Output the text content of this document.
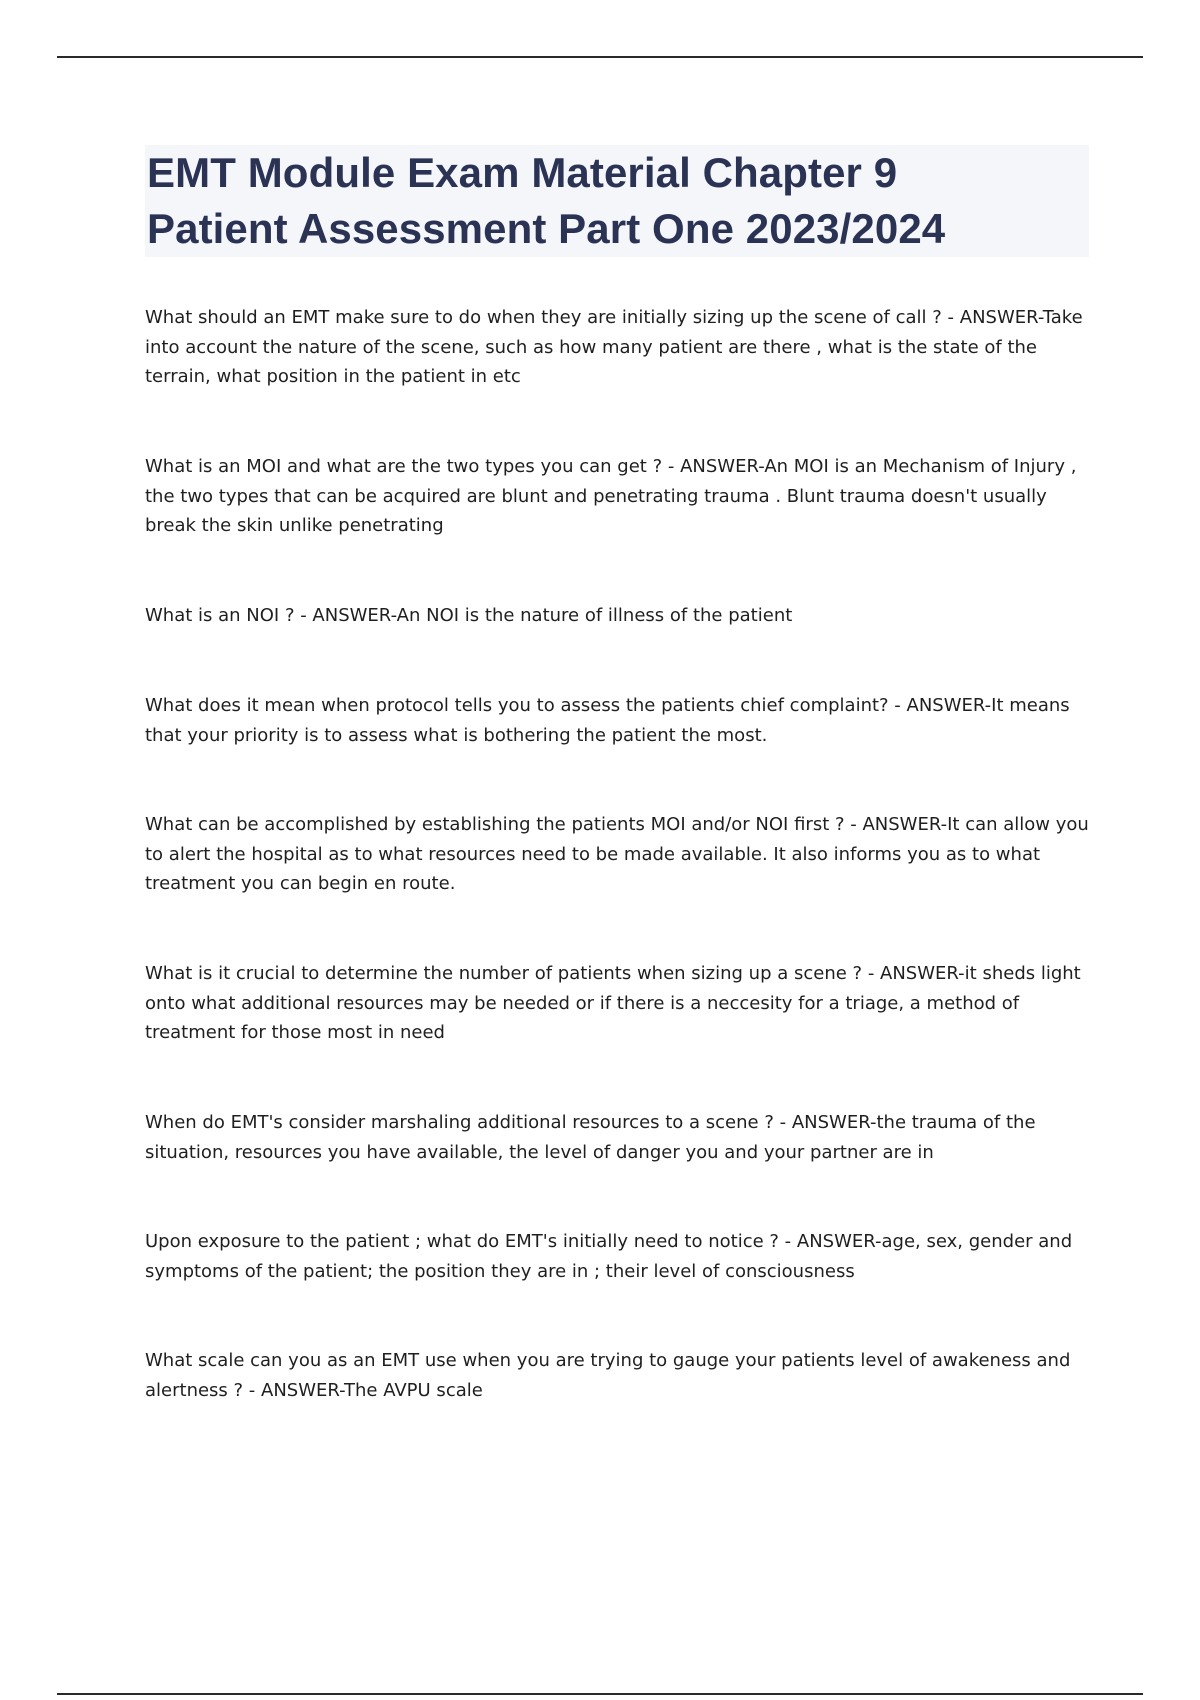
EMT Module Exam Material Chapter 9
Patient Assessment Part One 2023/2024
What should an EMT make sure to do when they are initially sizing up the scene of call ? - ANSWER-Take
into account the nature of the scene, such as how many patient are there , what is the state of the
terrain, what position in the patient in etc
What is an MOI and what are the two types you can get ? - ANSWER-An MOI is an Mechanism of Injury ,
the two types that can be acquired are blunt and penetrating trauma . Blunt trauma doesn't usually
break the skin unlike penetrating
What is an NOI ? - ANSWER-An NOI is the nature of illness of the patient
What does it mean when protocol tells you to assess the patients chief complaint? - ANSWER-It means
that your priority is to assess what is bothering the patient the most.
What can be accomplished by establishing the patients MOI and/or NOI first ? - ANSWER-It can allow you
to alert the hospital as to what resources need to be made available. It also informs you as to what
treatment you can begin en route.
What is it crucial to determine the number of patients when sizing up a scene ? - ANSWER-it sheds light
onto what additional resources may be needed or if there is a neccesity for a triage, a method of
treatment for those most in need
When do EMT's consider marshaling additional resources to a scene ? - ANSWER-the trauma of the
situation, resources you have available, the level of danger you and your partner are in
Upon exposure to the patient ; what do EMT's initially need to notice ? - ANSWER-age, sex, gender and
symptoms of the patient; the position they are in ; their level of consciousness
What scale can you as an EMT use when you are trying to gauge your patients level of awakeness and
alertness ? - ANSWER-The AVPU scale
